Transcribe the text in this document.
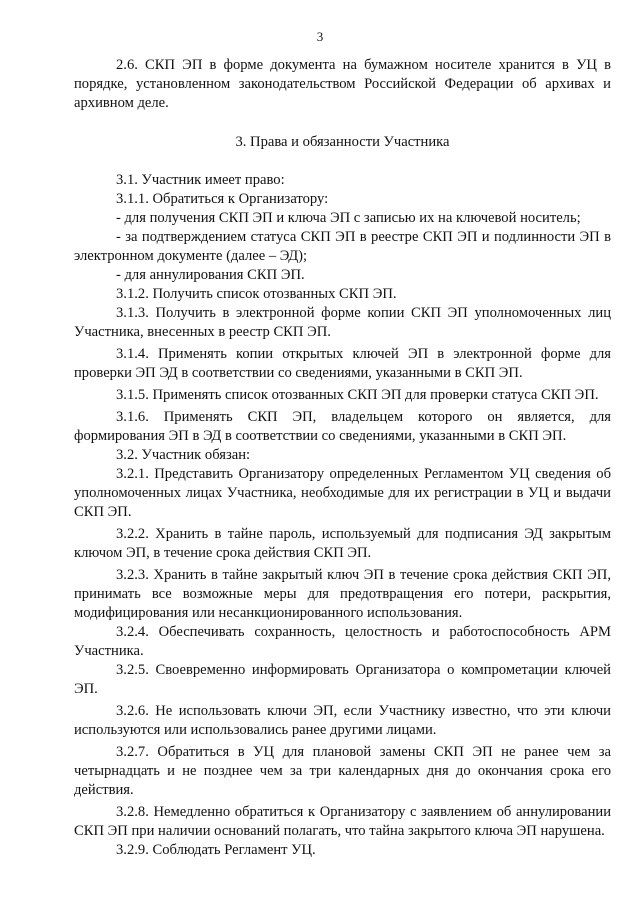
3

2.6. СКП ЭП в форме документа на бумажном носителе хранится в УЦ в порядке, установленном законодательством Российской Федерации об архивах и архивном деле.

3. Права и обязанности Участника

3.1. Участник имеет право:

3.1.1. Обратиться к Организатору:

- для получения СКП ЭП и ключа ЭП с записью их на ключевой носитель;

- за подтверждением статуса СКП ЭП в реестре СКП ЭП и подлинности ЭП в электронном документе (далее – ЭД);

- для аннулирования СКП ЭП.

3.1.2. Получить список отозванных СКП ЭП.

3.1.3. Получить в электронной форме копии СКП ЭП уполномоченных лиц Участника, внесенных в реестр СКП ЭП.

3.1.4. Применять копии открытых ключей ЭП в электронной форме для проверки ЭП ЭД в соответствии со сведениями, указанными в СКП ЭП.

3.1.5. Применять список отозванных СКП ЭП для проверки статуса СКП ЭП.

3.1.6. Применять СКП ЭП, владельцем которого он является, для формирования ЭП в ЭД в соответствии со сведениями, указанными в СКП ЭП.

3.2. Участник обязан:

3.2.1. Представить Организатору определенных Регламентом УЦ сведения об уполномоченных лицах Участника, необходимые для их регистрации в УЦ и выдачи СКП ЭП.

3.2.2. Хранить в тайне пароль, используемый для подписания ЭД закрытым ключом ЭП, в течение срока действия СКП ЭП.

3.2.3. Хранить в тайне закрытый ключ ЭП в течение срока действия СКП ЭП, принимать все возможные меры для предотвращения его потери, раскрытия, модифицирования или несанкционированного использования.

3.2.4. Обеспечивать сохранность, целостность и работоспособность АРМ Участника.

3.2.5. Своевременно информировать Организатора о компрометации ключей ЭП.

3.2.6. Не использовать ключи ЭП, если Участнику известно, что эти ключи используются или использовались ранее другими лицами.

3.2.7. Обратиться в УЦ для плановой замены СКП ЭП не ранее чем за четырнадцать и не позднее чем за три календарных дня до окончания срока его действия.

3.2.8. Немедленно обратиться к Организатору с заявлением об аннулировании СКП ЭП при наличии оснований полагать, что тайна закрытого ключа ЭП нарушена.

3.2.9. Соблюдать Регламент УЦ.
